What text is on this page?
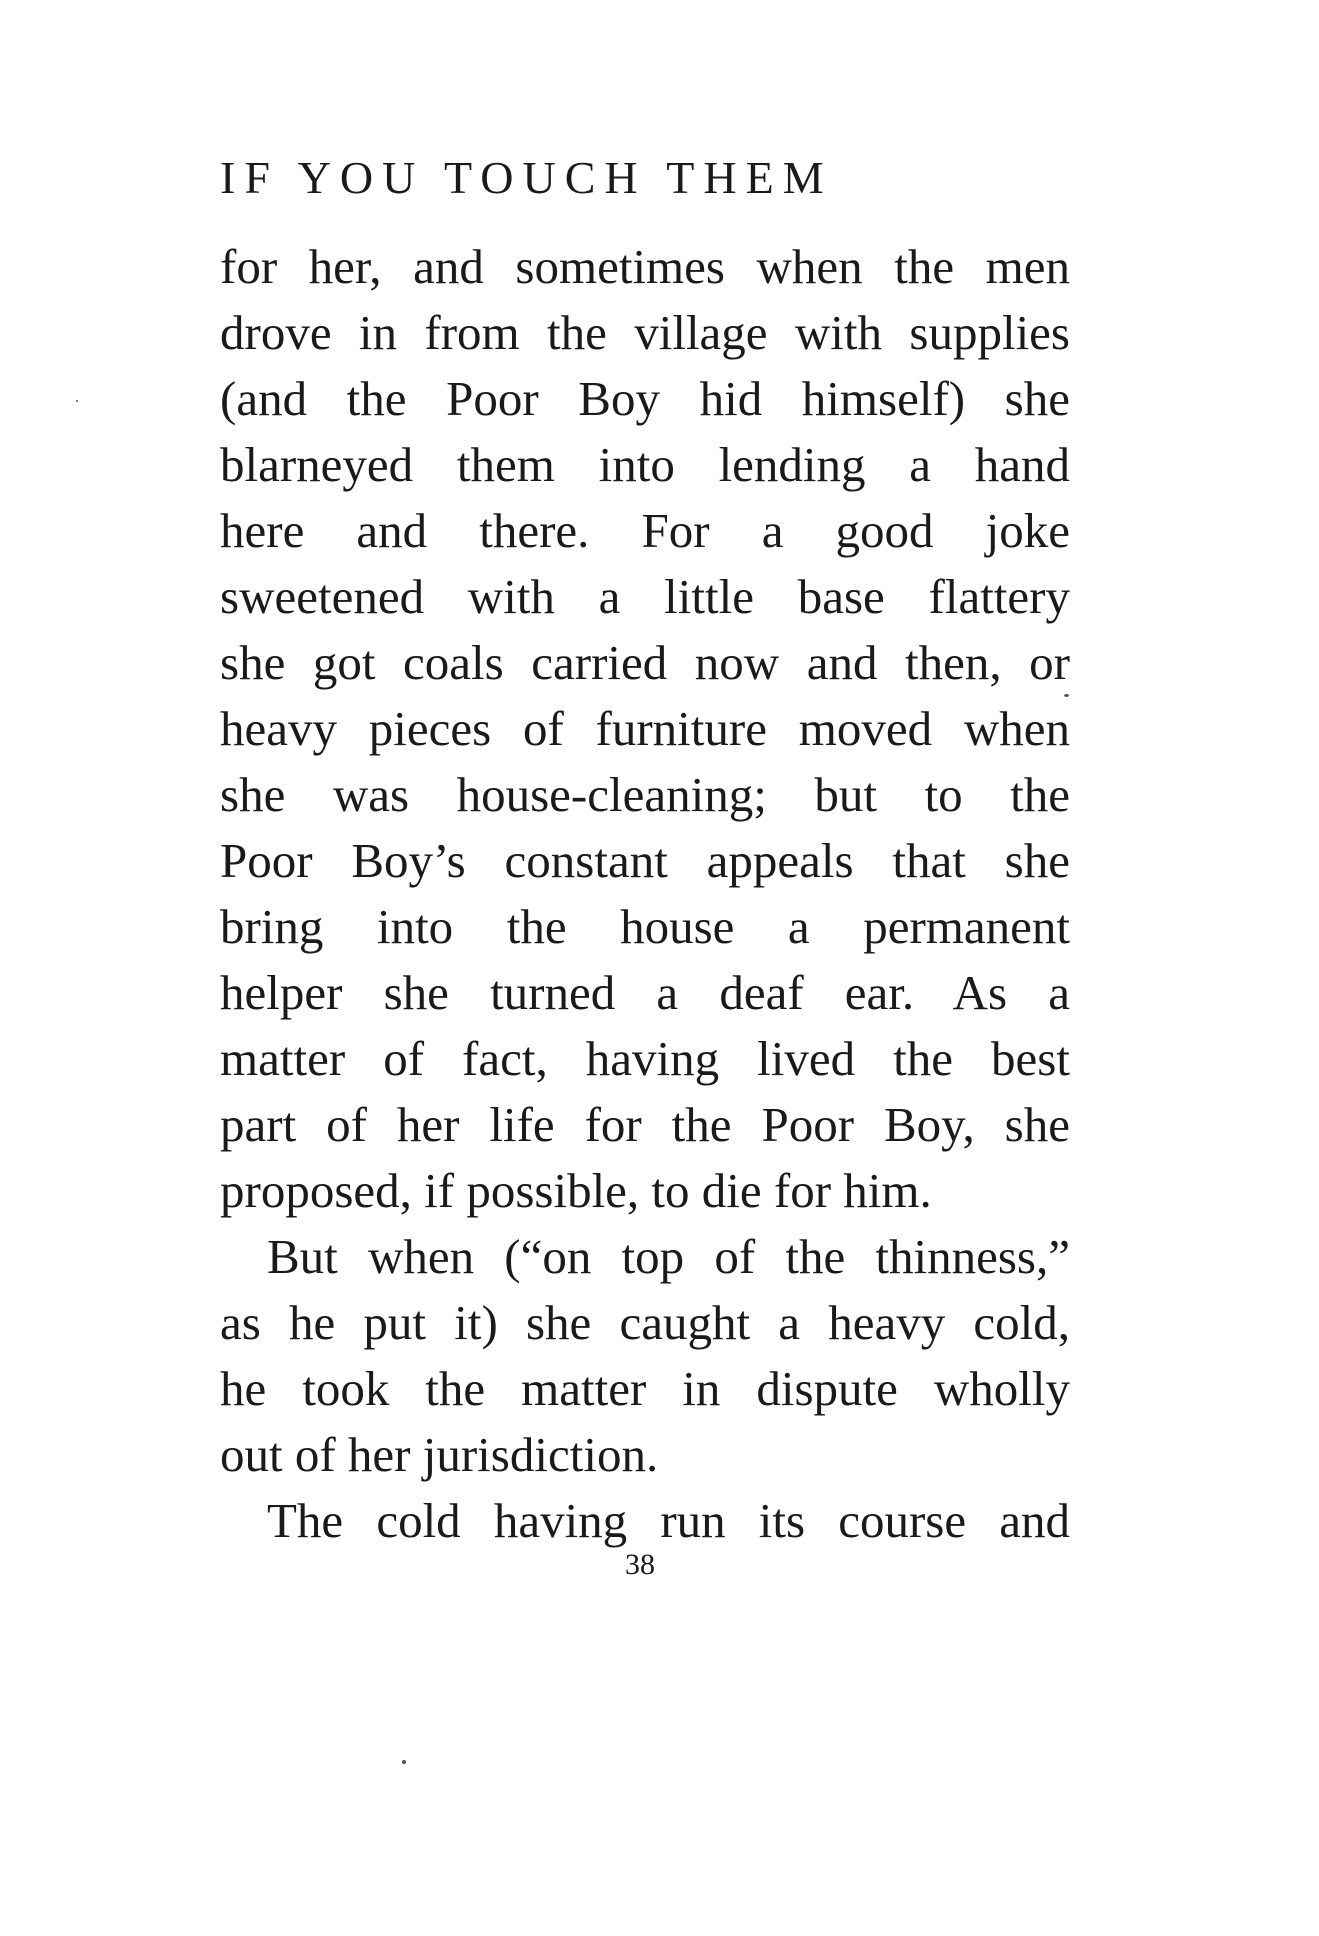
IF YOU TOUCH THEM
for her, and sometimes when the men
drove in from the village with supplies
(and the Poor Boy hid himself) she
blarneyed them into lending a hand
here and there. For a good joke
sweetened with a little base flattery
she got coals carried now and then, or
heavy pieces of furniture moved when
she was house-cleaning; but to the
Poor Boy’s constant appeals that she
bring into the house a permanent
helper she turned a deaf ear. As a
matter of fact, having lived the best
part of her life for the Poor Boy, she
proposed, if possible, to die for him.
But when (“on top of the thinness,”
as he put it) she caught a heavy cold,
he took the matter in dispute wholly
out of her jurisdiction.
The cold having run its course and
38
